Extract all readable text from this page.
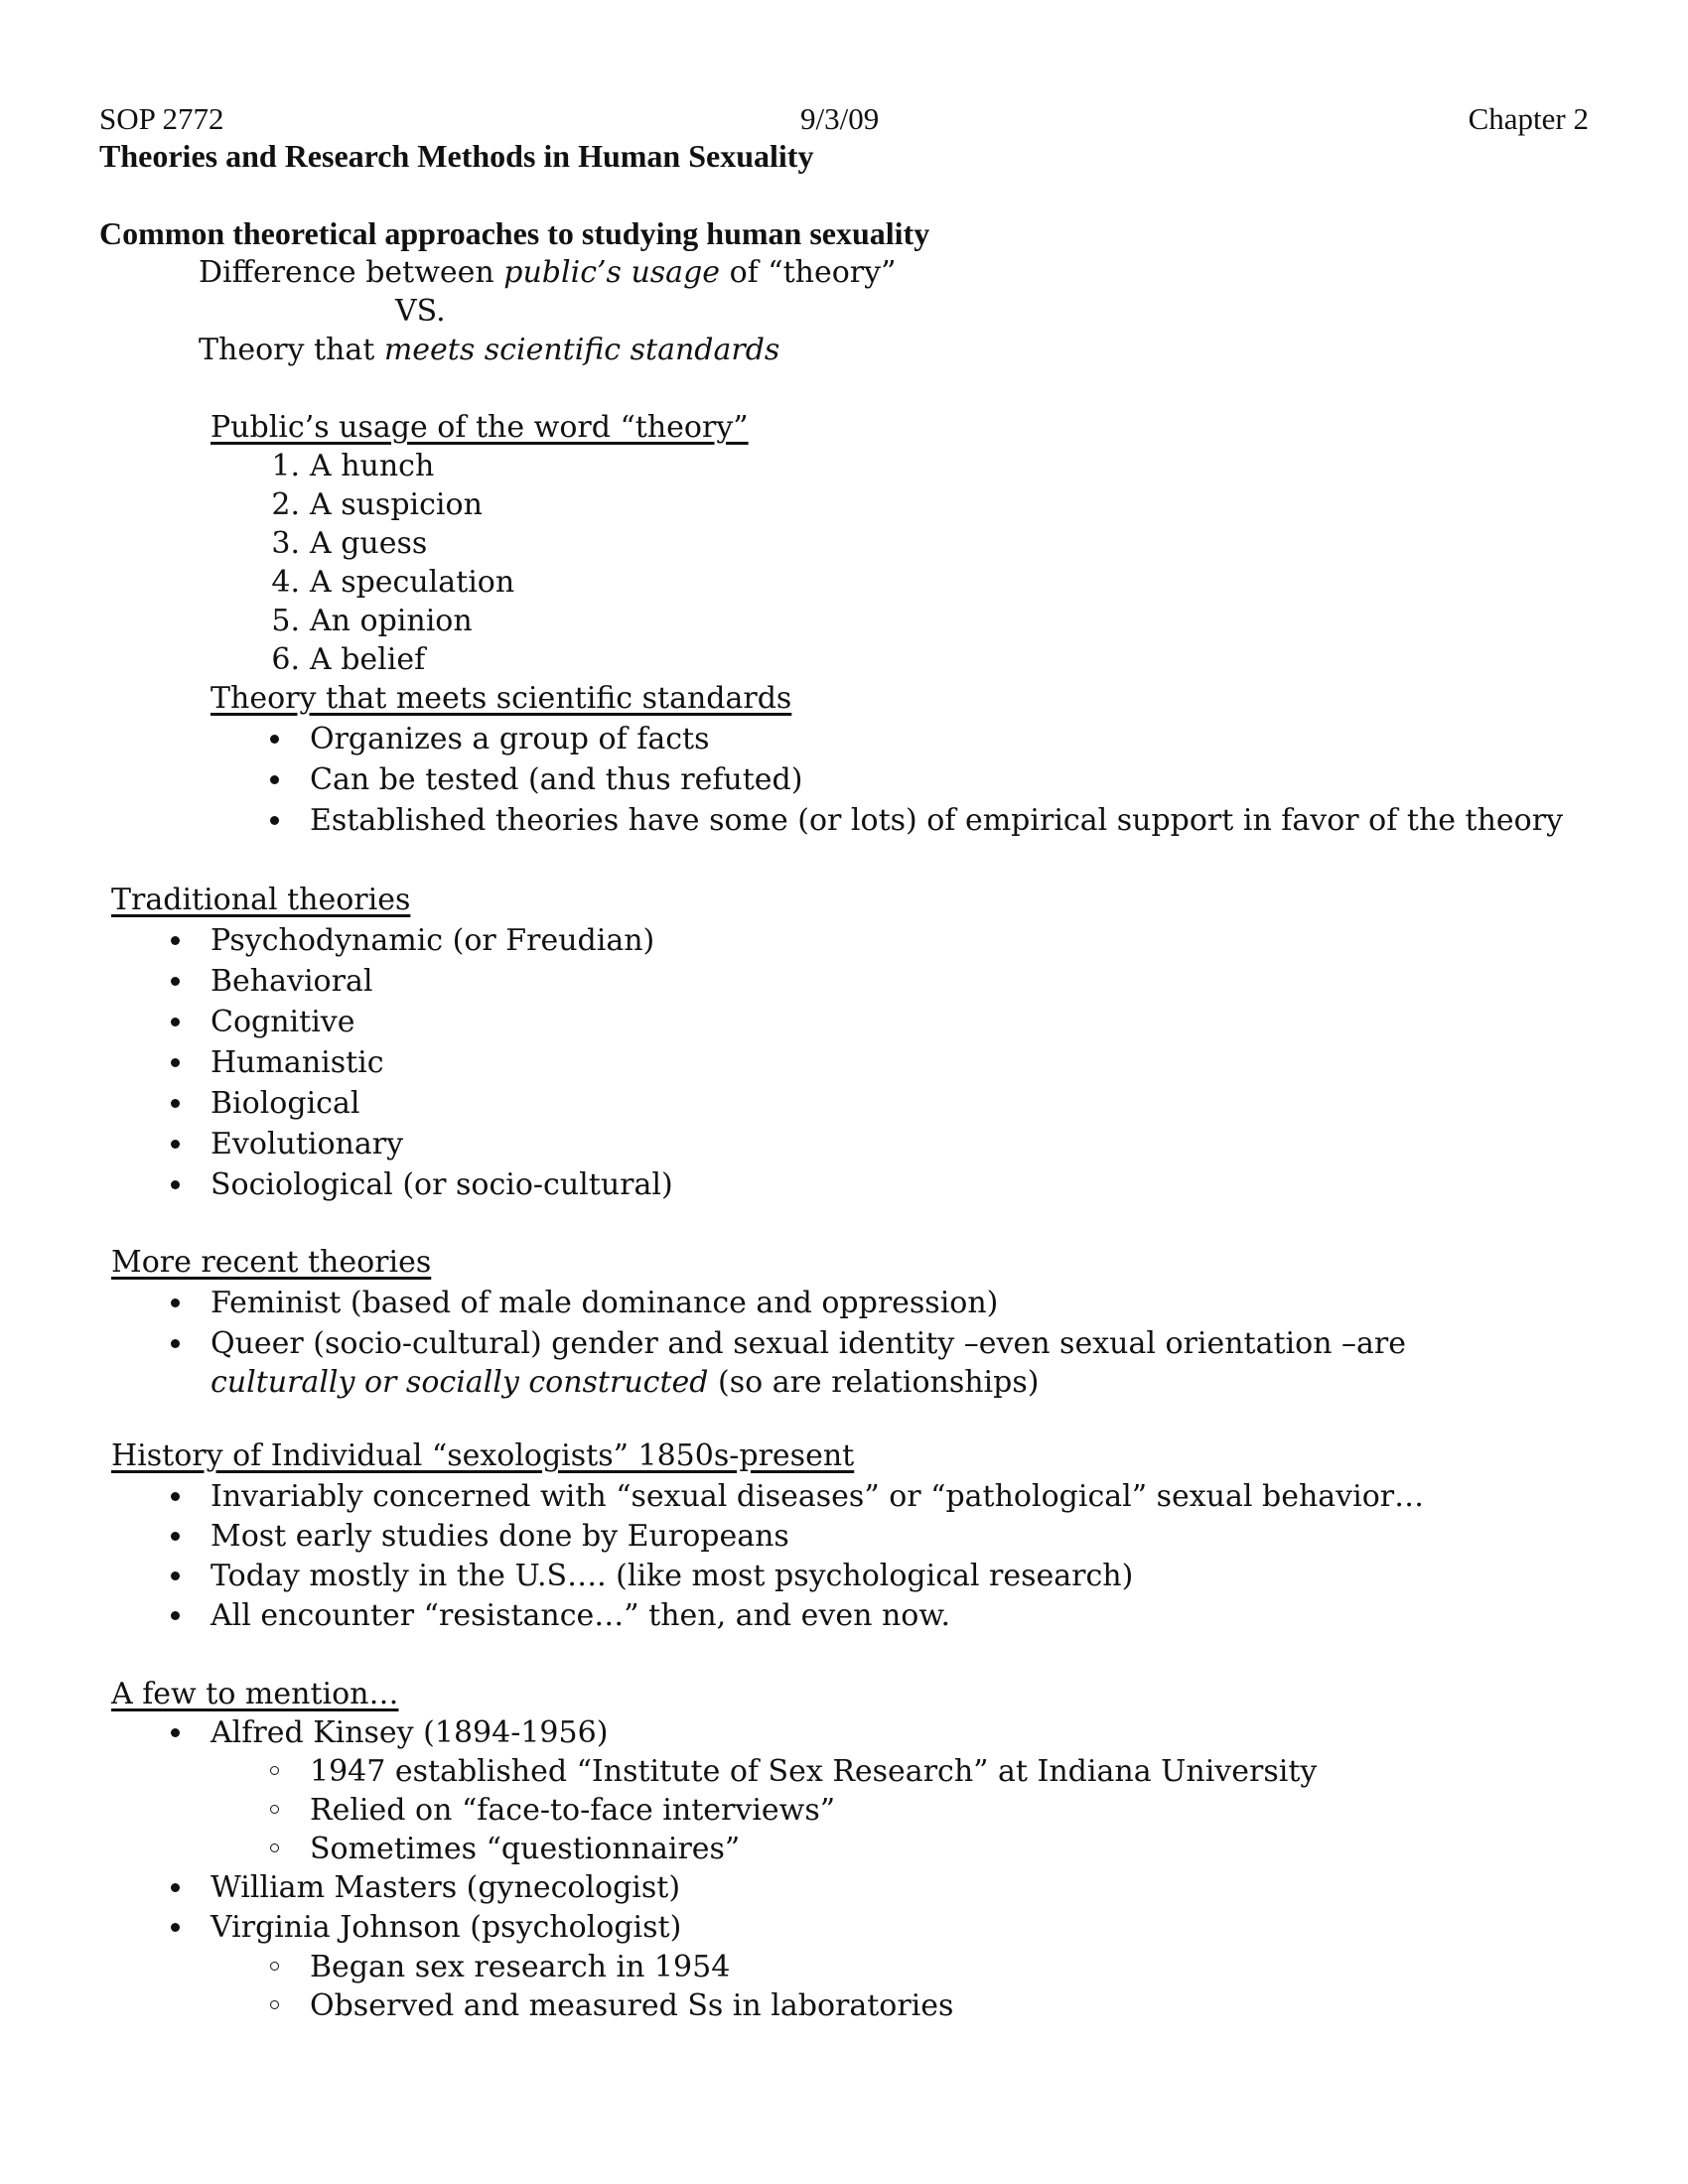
SOP 2772	9/3/09	Chapter 2
Theories and Research Methods in Human Sexuality
Common theoretical approaches to studying human sexuality
Difference between public’s usage of “theory”
VS.
Theory that meets scientific standards
Public’s usage of the word “theory”
1. A hunch
2. A suspicion
3. A guess
4. A speculation
5. An opinion
6. A belief
Theory that meets scientific standards
Organizes a group of facts
Can be tested (and thus refuted)
Established theories have some (or lots) of empirical support in favor of the theory
Traditional theories
Psychodynamic (or Freudian)
Behavioral
Cognitive
Humanistic
Biological
Evolutionary
Sociological (or socio-cultural)
More recent theories
Feminist (based of male dominance and oppression)
Queer (socio-cultural) gender and sexual identity –even sexual orientation –are culturally or socially constructed (so are relationships)
History of Individual “sexologists” 1850s-present
Invariably concerned with “sexual diseases” or “pathological” sexual behavior…
Most early studies done by Europeans
Today mostly in the U.S…. (like most psychological research)
All encounter “resistance…” then, and even now.
A few to mention…
Alfred Kinsey (1894-1956)
1947 established “Institute of Sex Research” at Indiana University
Relied on “face-to-face interviews”
Sometimes “questionnaires”
William Masters (gynecologist)
Virginia Johnson (psychologist)
Began sex research in 1954
Observed and measured Ss in laboratories
